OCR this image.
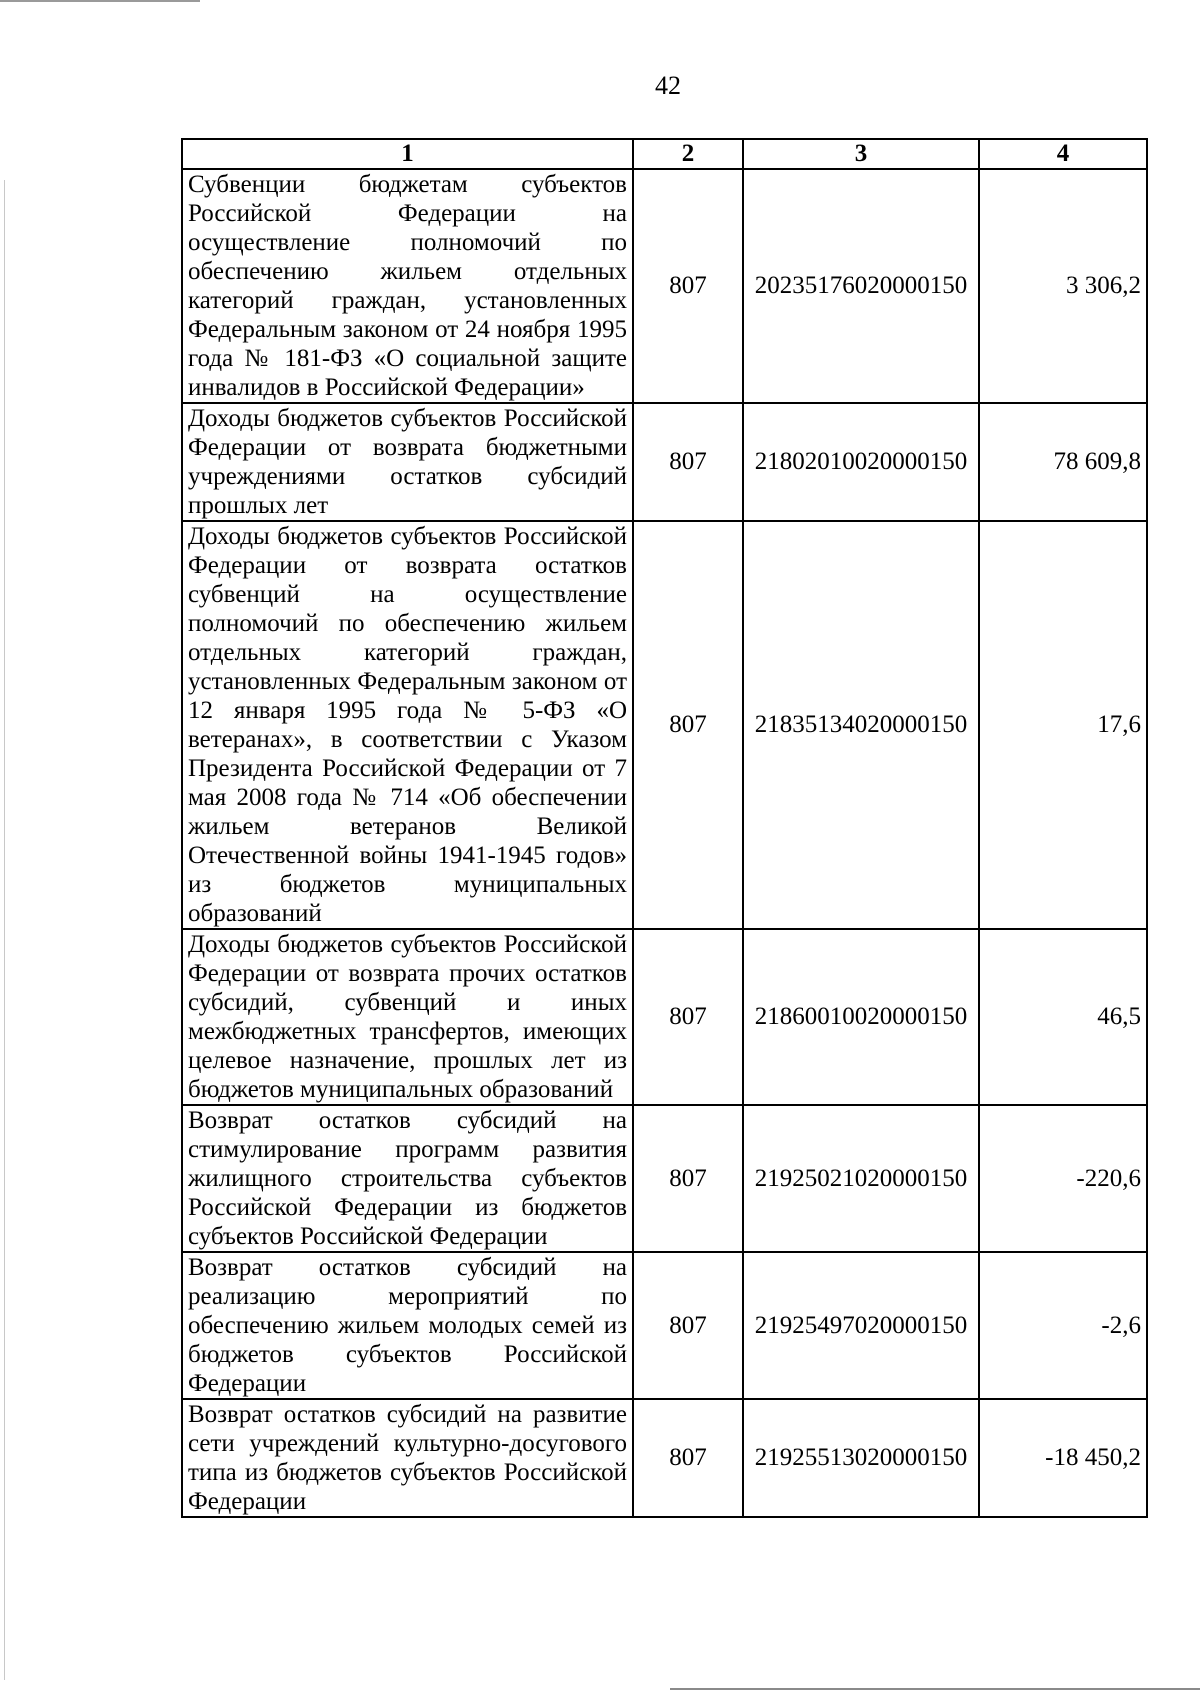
42
1	2	3	4
Субвенции бюджетам субъектов Российской Федерации на осуществление полномочий по обеспечению жильем отдельных категорий граждан, установленных Федеральным законом от 24 ноября 1995 года № 181-ФЗ «О социальной защите инвалидов в Российской Федерации»	807	20235176020000150	3 306,2
Доходы бюджетов субъектов Российской Федерации от возврата бюджетными учреждениями остатков субсидий прошлых лет	807	21802010020000150	78 609,8
Доходы бюджетов субъектов Российской Федерации от возврата остатков субвенций на осуществление полномочий по обеспечению жильем отдельных категорий граждан, установленных Федеральным законом от 12 января 1995 года № 5-ФЗ «О ветеранах», в соответствии с Указом Президента Российской Федерации от 7 мая 2008 года № 714 «Об обеспечении жильем ветеранов Великой Отечественной войны 1941-1945 годов» из бюджетов муниципальных образований	807	21835134020000150	17,6
Доходы бюджетов субъектов Российской Федерации от возврата прочих остатков субсидий, субвенций и иных межбюджетных трансфертов, имеющих целевое назначение, прошлых лет из бюджетов муниципальных образований	807	21860010020000150	46,5
Возврат остатков субсидий на стимулирование программ развития жилищного строительства субъектов Российской Федерации из бюджетов субъектов Российской Федерации	807	21925021020000150	-220,6
Возврат остатков субсидий на реализацию мероприятий по обеспечению жильем молодых семей из бюджетов субъектов Российской Федерации	807	21925497020000150	-2,6
Возврат остатков субсидий на развитие сети учреждений культурно-досугового типа из бюджетов субъектов Российской Федерации	807	21925513020000150	-18 450,2
